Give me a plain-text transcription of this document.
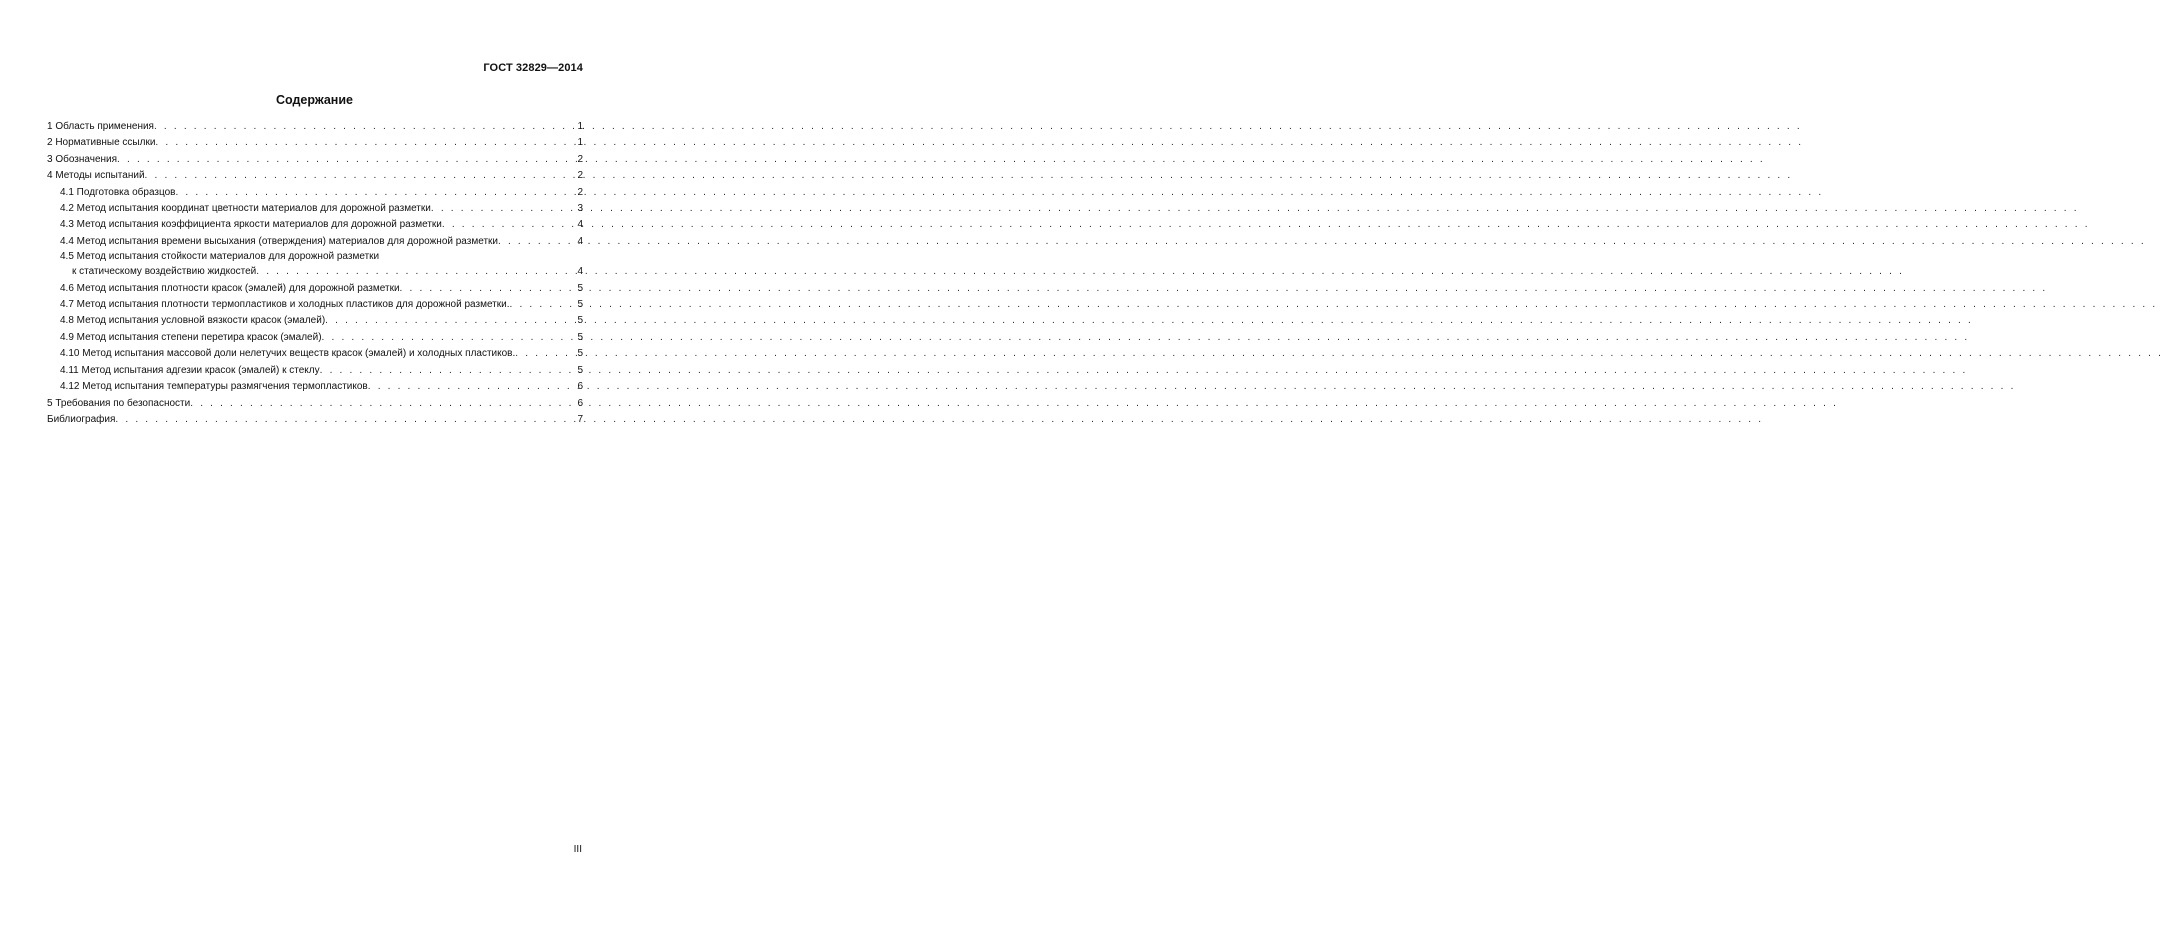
ГОСТ 32829—2014
Содержание
1 Область применения . . .	1
2 Нормативные ссылки . . .	1
3 Обозначения . . .	2
4 Методы испытаний . . .	2
4.1 Подготовка образцов . . .	2
4.2 Метод испытания координат цветности материалов для дорожной разметки . . .	3
4.3 Метод испытания коэффициента яркости материалов для дорожной разметки . . .	4
4.4 Метод испытания времени высыхания (отверждения) материалов для дорожной разметки . . .	4
4.5 Метод испытания стойкости материалов для дорожной разметки
к статическому воздействию жидкостей . . .	4
4.6 Метод испытания плотности красок (эмалей) для дорожной разметки . . .	5
4.7 Метод испытания плотности термопластиков и холодных пластиков для дорожной разметки. . . .	5
4.8 Метод испытания условной вязкости красок (эмалей) . . .	5
4.9 Метод испытания степени перетира красок (эмалей) . . .	5
4.10 Метод испытания массовой доли нелетучих веществ красок (эмалей) и холодных пластиков. . . .	5
4.11 Метод испытания адгезии красок (эмалей) к стеклу . . .	5
4.12 Метод испытания температуры размягчения термопластиков . . .	6
5 Требования по безопасности . . .	6
Библиография . . .	7
III
